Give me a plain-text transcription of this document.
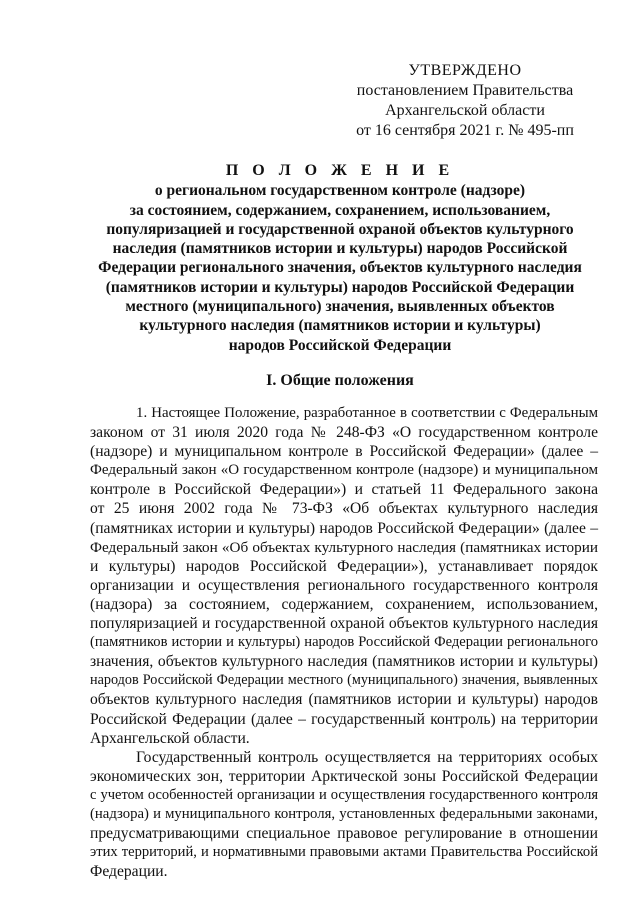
УТВЕРЖДЕНО
постановлением Правительства
Архангельской области
от 16 сентября 2021 г. № 495-пп
П О Л О Ж Е Н И Е
о региональном государственном контроле (надзоре)
за состоянием, содержанием, сохранением, использованием,
популяризацией и государственной охраной объектов культурного
наследия (памятников истории и культуры) народов Российской
Федерации регионального значения, объектов культурного наследия
(памятников истории и культуры) народов Российской Федерации
местного (муниципального) значения, выявленных объектов
культурного наследия (памятников истории и культуры)
народов Российской Федерации
I. Общие положения
1. Настоящее Положение, разработанное в соответствии с Федеральным
законом от 31 июля 2020 года № 248-ФЗ «О государственном контроле
(надзоре) и муниципальном контроле в Российской Федерации» (далее –
Федеральный закон «О государственном контроле (надзоре) и муниципальном
контроле в Российской Федерации») и статьей 11 Федерального закона
от 25 июня 2002 года № 73-ФЗ «Об объектах культурного наследия
(памятниках истории и культуры) народов Российской Федерации» (далее –
Федеральный закон «Об объектах культурного наследия (памятниках истории
и культуры) народов Российской Федерации»), устанавливает порядок
организации и осуществления регионального государственного контроля
(надзора) за состоянием, содержанием, сохранением, использованием,
популяризацией и государственной охраной объектов культурного наследия
(памятников истории и культуры) народов Российской Федерации регионального
значения, объектов культурного наследия (памятников истории и культуры)
народов Российской Федерации местного (муниципального) значения, выявленных
объектов культурного наследия (памятников истории и культуры) народов
Российской Федерации (далее – государственный контроль) на территории
Архангельской области.
Государственный контроль осуществляется на территориях особых
экономических зон, территории Арктической зоны Российской Федерации
с учетом особенностей организации и осуществления государственного контроля
(надзора) и муниципального контроля, установленных федеральными законами,
предусматривающими специальное правовое регулирование в отношении
этих территорий, и нормативными правовыми актами Правительства Российской
Федерации.
